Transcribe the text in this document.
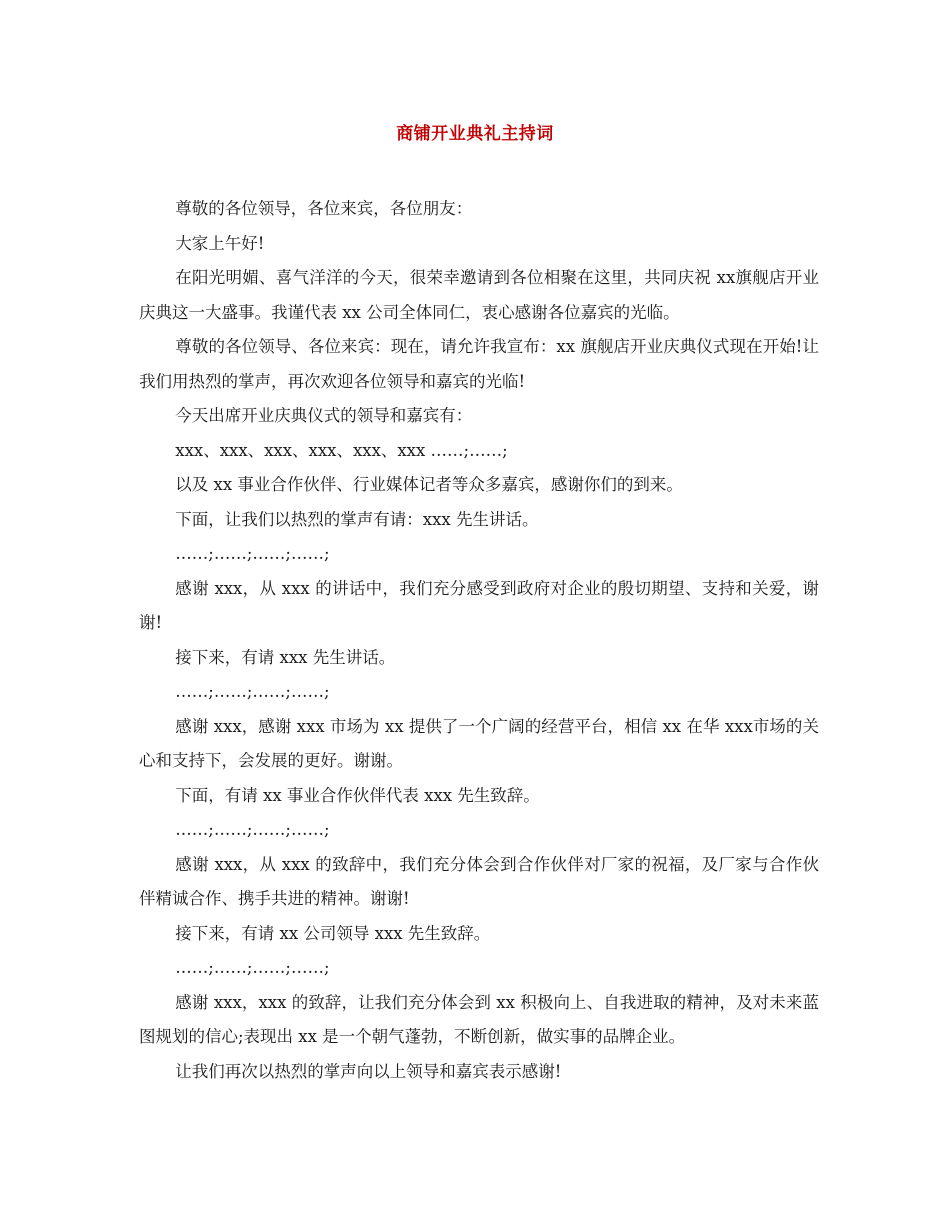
商铺开业典礼主持词

尊敬的各位领导，各位来宾，各位朋友：

大家上午好!

在阳光明媚、喜气洋洋的今天，很荣幸邀请到各位相聚在这里，共同庆祝 xx旗舰店开业庆典这一大盛事。我谨代表 xx 公司全体同仁，衷心感谢各位嘉宾的光临。

尊敬的各位领导、各位来宾：现在，请允许我宣布：xx 旗舰店开业庆典仪式现在开始!让我们用热烈的掌声，再次欢迎各位领导和嘉宾的光临!

今天出席开业庆典仪式的领导和嘉宾有：

xxx、xxx、xxx、xxx、xxx、xxx ……;……;

以及 xx 事业合作伙伴、行业媒体记者等众多嘉宾，感谢你们的到来。

下面，让我们以热烈的掌声有请：xxx 先生讲话。

……;……;……;……;

感谢 xxx，从 xxx 的讲话中，我们充分感受到政府对企业的殷切期望、支持和关爱，谢谢!

接下来，有请 xxx 先生讲话。

……;……;……;……;

感谢 xxx，感谢 xxx 市场为 xx 提供了一个广阔的经营平台，相信 xx 在华 xxx市场的关心和支持下，会发展的更好。谢谢。

下面，有请 xx 事业合作伙伴代表 xxx 先生致辞。

……;……;……;……;

感谢 xxx，从 xxx 的致辞中，我们充分体会到合作伙伴对厂家的祝福，及厂家与合作伙伴精诚合作、携手共进的精神。谢谢!

接下来，有请 xx 公司领导 xxx 先生致辞。

……;……;……;……;

感谢 xxx，xxx 的致辞，让我们充分体会到 xx 积极向上、自我进取的精神，及对未来蓝图规划的信心;表现出 xx 是一个朝气蓬勃，不断创新，做实事的品牌企业。

让我们再次以热烈的掌声向以上领导和嘉宾表示感谢!
